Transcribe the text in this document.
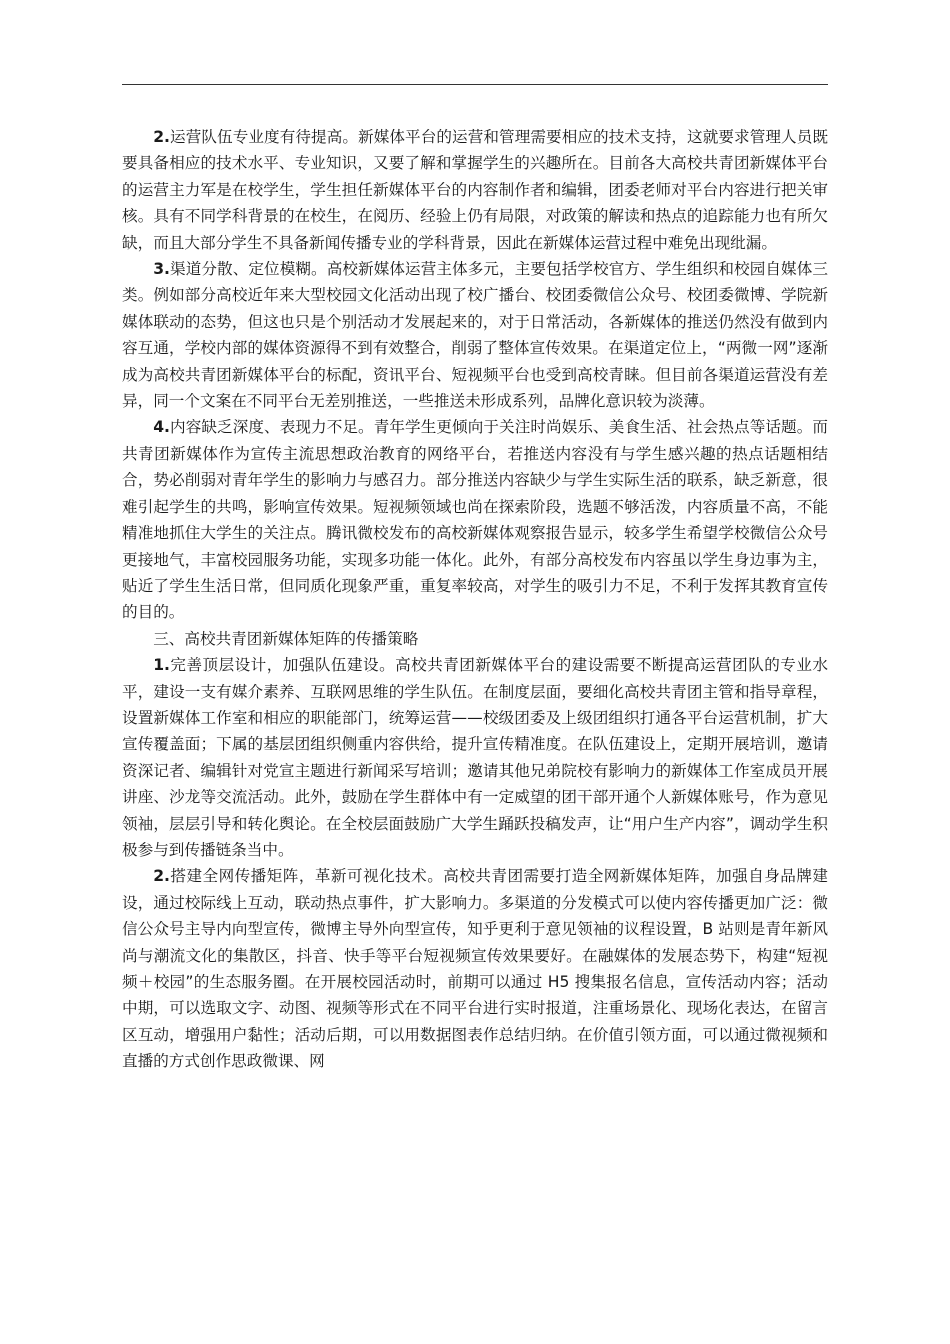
2.运营队伍专业度有待提高。新媒体平台的运营和管理需要相应的技术支持，这就要求管理人员既要具备相应的技术水平、专业知识，又要了解和掌握学生的兴趣所在。目前各大高校共青团新媒体平台的运营主力军是在校学生，学生担任新媒体平台的内容制作者和编辑，团委老师对平台内容进行把关审核。具有不同学科背景的在校生，在阅历、经验上仍有局限，对政策的解读和热点的追踪能力也有所欠缺，而且大部分学生不具备新闻传播专业的学科背景，因此在新媒体运营过程中难免出现纰漏。

3.渠道分散、定位模糊。高校新媒体运营主体多元，主要包括学校官方、学生组织和校园自媒体三类。例如部分高校近年来大型校园文化活动出现了校广播台、校团委微信公众号、校团委微博、学院新媒体联动的态势，但这也只是个别活动才发展起来的，对于日常活动，各新媒体的推送仍然没有做到内容互通，学校内部的媒体资源得不到有效整合，削弱了整体宣传效果。在渠道定位上，“两微一网”逐渐成为高校共青团新媒体平台的标配，资讯平台、短视频平台也受到高校青睐。但目前各渠道运营没有差异，同一个文案在不同平台无差别推送，一些推送未形成系列，品牌化意识较为淡薄。

4.内容缺乏深度、表现力不足。青年学生更倾向于关注时尚娱乐、美食生活、社会热点等话题。而共青团新媒体作为宣传主流思想政治教育的网络平台，若推送内容没有与学生感兴趣的热点话题相结合，势必削弱对青年学生的影响力与感召力。部分推送内容缺少与学生实际生活的联系，缺乏新意，很难引起学生的共鸣，影响宣传效果。短视频领域也尚在探索阶段，选题不够活泼，内容质量不高，不能精准地抓住大学生的关注点。腾讯微校发布的高校新媒体观察报告显示，较多学生希望学校微信公众号更接地气，丰富校园服务功能，实现多功能一体化。此外，有部分高校发布内容虽以学生身边事为主，贴近了学生生活日常，但同质化现象严重，重复率较高，对学生的吸引力不足，不利于发挥其教育宣传的目的。

三、高校共青团新媒体矩阵的传播策略

1.完善顶层设计，加强队伍建设。高校共青团新媒体平台的建设需要不断提高运营团队的专业水平，建设一支有媒介素养、互联网思维的学生队伍。在制度层面，要细化高校共青团主管和指导章程，设置新媒体工作室和相应的职能部门，统筹运营——校级团委及上级团组织打通各平台运营机制，扩大宣传覆盖面；下属的基层团组织侧重内容供给，提升宣传精准度。在队伍建设上，定期开展培训，邀请资深记者、编辑针对党宣主题进行新闻采写培训；邀请其他兄弟院校有影响力的新媒体工作室成员开展讲座、沙龙等交流活动。此外，鼓励在学生群体中有一定威望的团干部开通个人新媒体账号，作为意见领袖，层层引导和转化舆论。在全校层面鼓励广大学生踊跃投稿发声，让“用户生产内容”，调动学生积极参与到传播链条当中。

2.搭建全网传播矩阵，革新可视化技术。高校共青团需要打造全网新媒体矩阵，加强自身品牌建设，通过校际线上互动，联动热点事件，扩大影响力。多渠道的分发模式可以使内容传播更加广泛：微信公众号主导内向型宣传，微博主导外向型宣传，知乎更利于意见领袖的议程设置，B 站则是青年新风尚与潮流文化的集散区，抖音、快手等平台短视频宣传效果要好。在融媒体的发展态势下，构建“短视频＋校园”的生态服务圈。在开展校园活动时，前期可以通过 H5 搜集报名信息，宣传活动内容；活动中期，可以选取文字、动图、视频等形式在不同平台进行实时报道，注重场景化、现场化表达，在留言区互动，增强用户黏性；活动后期，可以用数据图表作总结归纳。在价值引领方面，可以通过微视频和直播的方式创作思政微课、网
